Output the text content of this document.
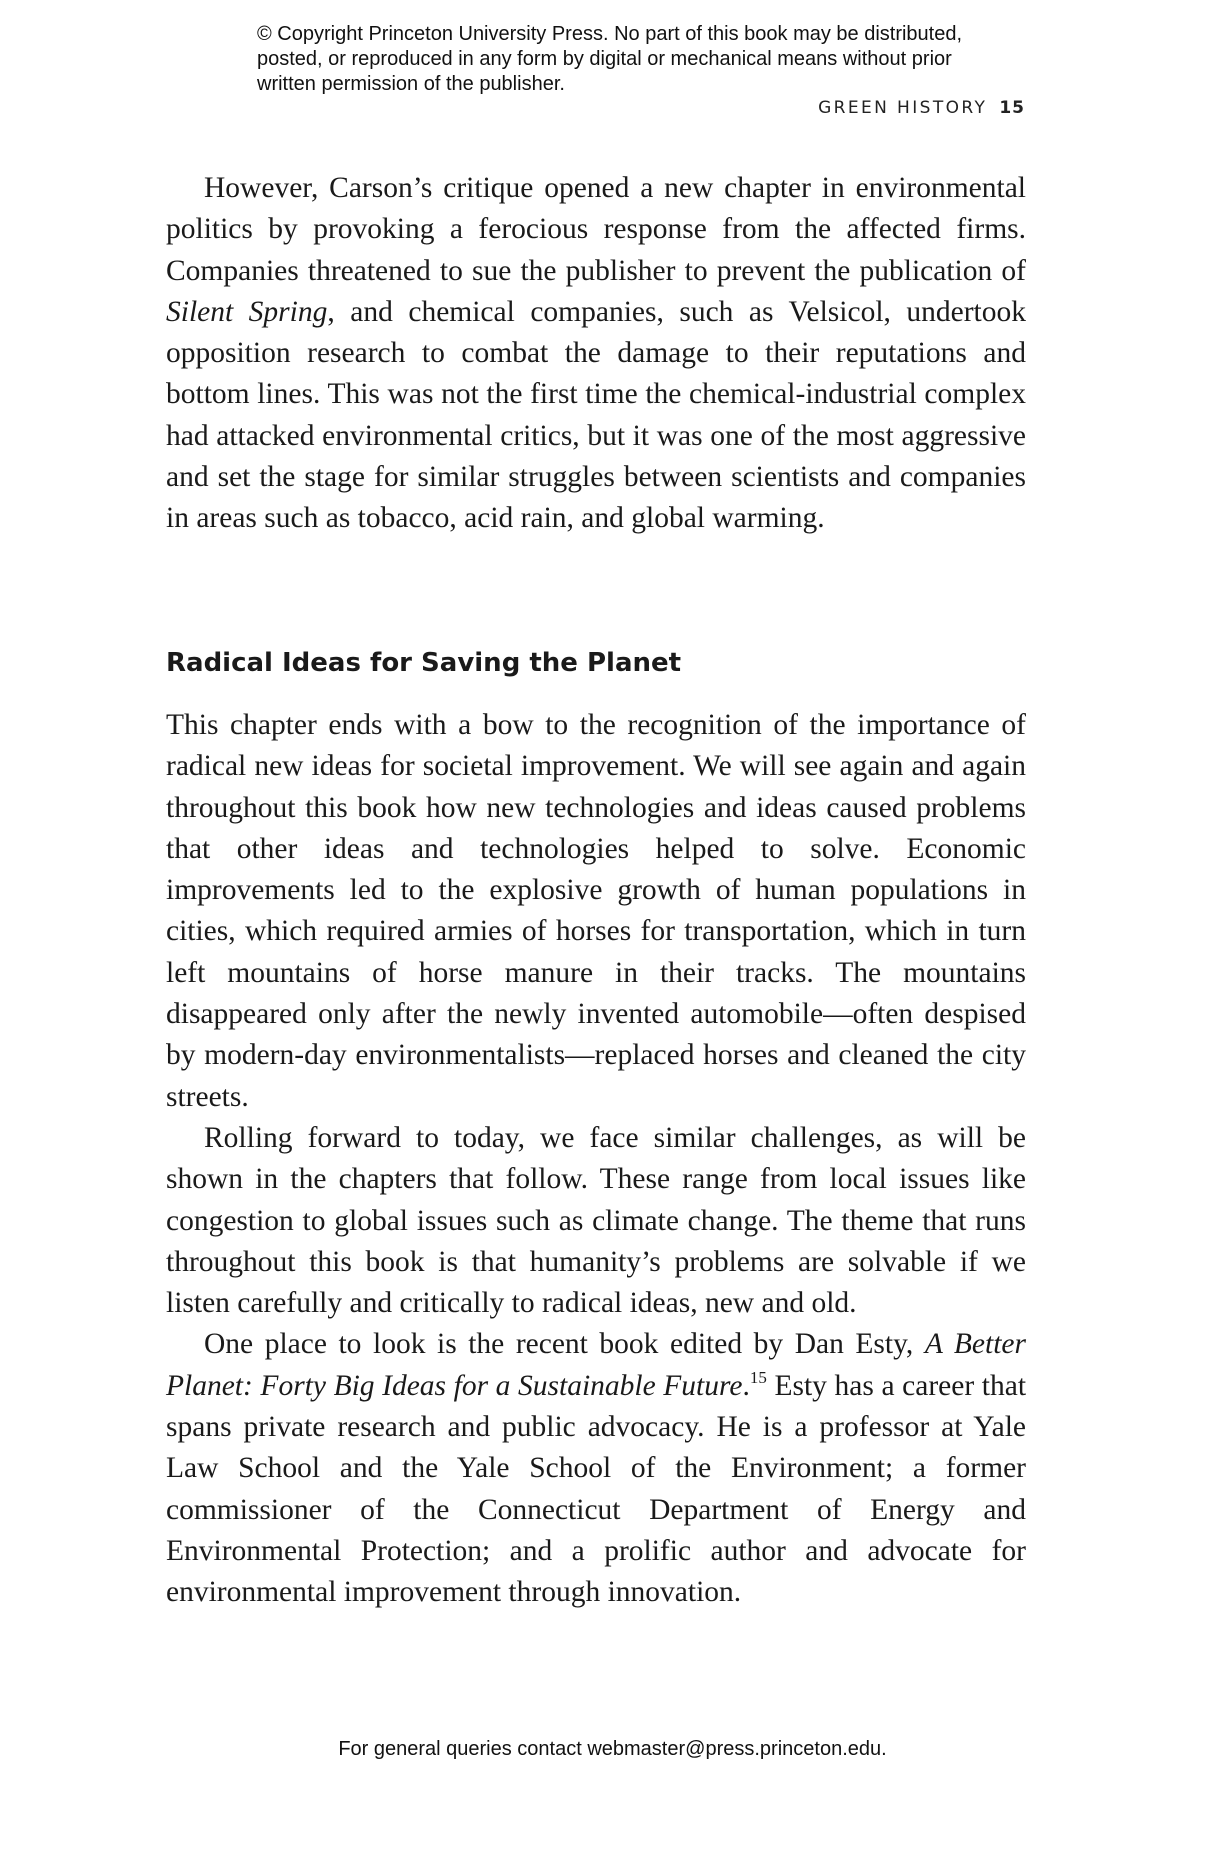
© Copyright Princeton University Press. No part of this book may be distributed, posted, or reproduced in any form by digital or mechanical means without prior written permission of the publisher.
GREEN HISTORY 15

However, Carson’s critique opened a new chapter in environmental politics by provoking a ferocious response from the affected firms. Companies threatened to sue the publisher to prevent the publication of Silent Spring, and chemical companies, such as Velsicol, undertook opposition research to combat the damage to their reputations and bottom lines. This was not the first time the chemical-industrial complex had attacked environmental critics, but it was one of the most aggressive and set the stage for similar struggles between scientists and companies in areas such as tobacco, acid rain, and global warming.

Radical Ideas for Saving the Planet

This chapter ends with a bow to the recognition of the importance of radical new ideas for societal improvement. We will see again and again throughout this book how new technologies and ideas caused problems that other ideas and technologies helped to solve. Economic improvements led to the explosive growth of human populations in cities, which required armies of horses for transportation, which in turn left mountains of horse manure in their tracks. The mountains disappeared only after the newly invented automobile—often despised by modern-day environmentalists—replaced horses and cleaned the city streets.

Rolling forward to today, we face similar challenges, as will be shown in the chapters that follow. These range from local issues like congestion to global issues such as climate change. The theme that runs throughout this book is that humanity’s problems are solvable if we listen carefully and critically to radical ideas, new and old.

One place to look is the recent book edited by Dan Esty, A Better Planet: Forty Big Ideas for a Sustainable Future.$^{15}$ Esty has a career that spans private research and public advocacy. He is a professor at Yale Law School and the Yale School of the Environment; a former commissioner of the Connecticut Department of Energy and Environmental Protection; and a prolific author and advocate for environmental improvement through innovation.

For general queries contact webmaster@press.princeton.edu.
